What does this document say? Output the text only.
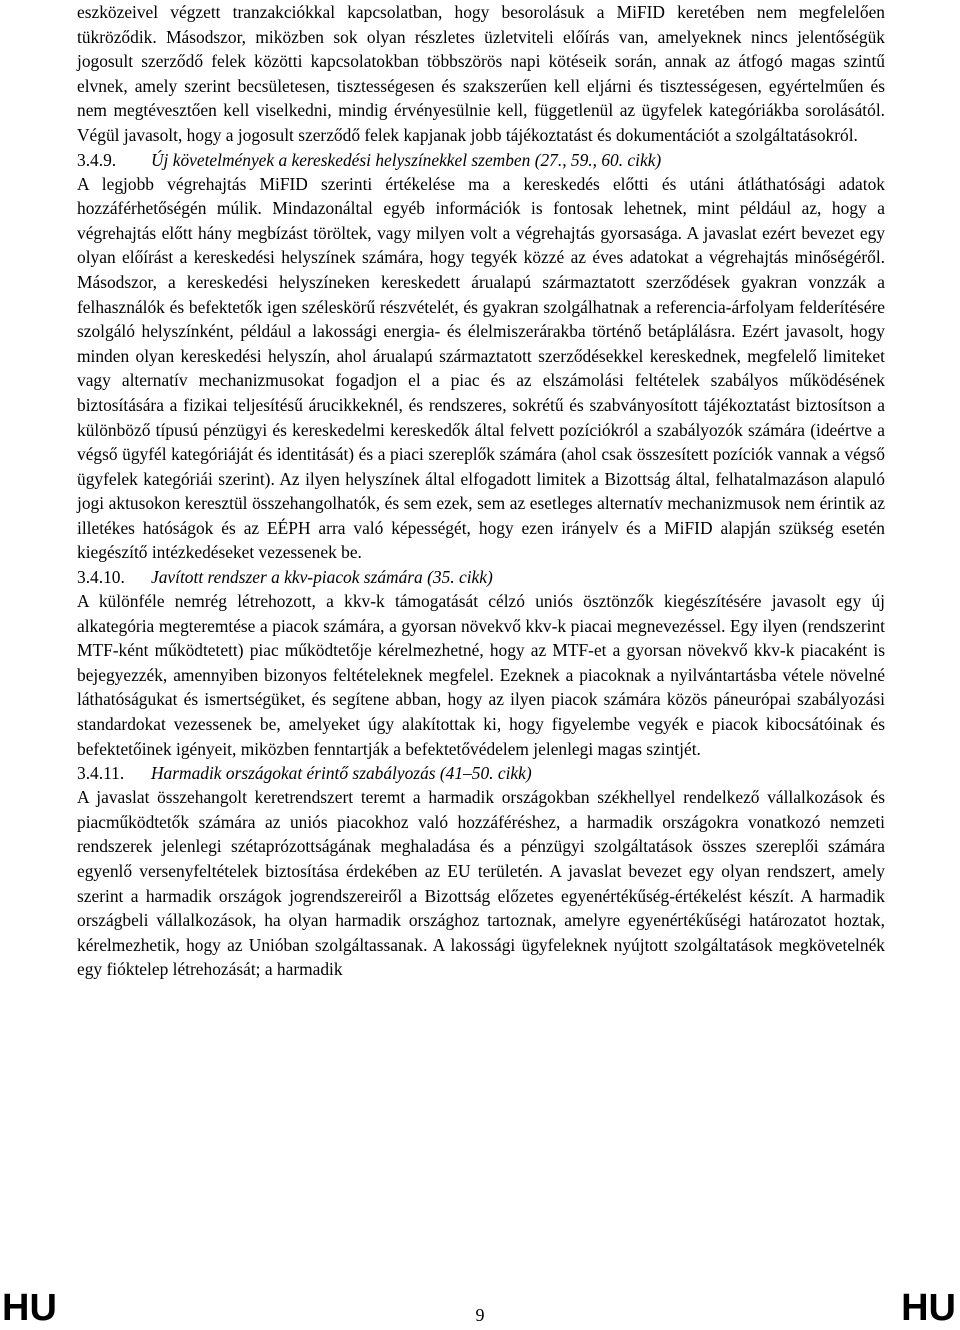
eszközeivel végzett tranzakciókkal kapcsolatban, hogy besorolásuk a MiFID keretében nem megfelelően tükröződik. Másodszor, miközben sok olyan részletes üzletviteli előírás van, amelyeknek nincs jelentőségük jogosult szerződő felek közötti kapcsolatokban többszörös napi kötéseik során, annak az átfogó magas szintű elvnek, amely szerint becsületesen, tisztességesen és szakszerűen kell eljárni és tisztességesen, egyértelműen és nem megtévesztően kell viselkedni, mindig érvényesülnie kell, függetlenül az ügyfelek kategóriákba sorolásától. Végül javasolt, hogy a jogosult szerződő felek kapjanak jobb tájékoztatást és dokumentációt a szolgáltatásokról.

3.4.9.	Új követelmények a kereskedési helyszínekkel szemben (27., 59., 60. cikk)

A legjobb végrehajtás MiFID szerinti értékelése ma a kereskedés előtti és utáni átláthatósági adatok hozzáférhetőségén múlik. Mindazonáltal egyéb információk is fontosak lehetnek, mint például az, hogy a végrehajtás előtt hány megbízást töröltek, vagy milyen volt a végrehajtás gyorsasága. A javaslat ezért bevezet egy olyan előírást a kereskedési helyszínek számára, hogy tegyék közzé az éves adatokat a végrehajtás minőségéről. Másodszor, a kereskedési helyszíneken kereskedett árualapú származtatott szerződések gyakran vonzzák a felhasználók és befektetők igen széleskörű részvételét, és gyakran szolgálhatnak a referencia-árfolyam felderítésére szolgáló helyszínként, például a lakossági energia- és élelmiszerárakba történő betáplálásra. Ezért javasolt, hogy minden olyan kereskedési helyszín, ahol árualapú származtatott szerződésekkel kereskednek, megfelelő limiteket vagy alternatív mechanizmusokat fogadjon el a piac és az elszámolási feltételek szabályos működésének biztosítására a fizikai teljesítésű árucikkeknél, és rendszeres, sokrétű és szabványosított tájékoztatást biztosítson a különböző típusú pénzügyi és kereskedelmi kereskedők által felvett pozíciókról a szabályozók számára (ideértve a végső ügyfél kategóriáját és identitását) és a piaci szereplők számára (ahol csak összesített pozíciók vannak a végső ügyfelek kategóriái szerint). Az ilyen helyszínek által elfogadott limitek a Bizottság által, felhatalmazáson alapuló jogi aktusokon keresztül összehangolhatók, és sem ezek, sem az esetleges alternatív mechanizmusok nem érintik az illetékes hatóságok és az EÉPH arra való képességét, hogy ezen irányelv és a MiFID alapján szükség esetén kiegészítő intézkedéseket vezessenek be.

3.4.10.	Javított rendszer a kkv-piacok számára (35. cikk)

A különféle nemrég létrehozott, a kkv-k támogatását célzó uniós ösztönzők kiegészítésére javasolt egy új alkategória megteremtése a piacok számára, a gyorsan növekvő kkv-k piacai megnevezéssel. Egy ilyen (rendszerint MTF-ként működtetett) piac működtetője kérelmezhetné, hogy az MTF-et a gyorsan növekvő kkv-k piacaként is bejegyezzék, amennyiben bizonyos feltételeknek megfelel. Ezeknek a piacoknak a nyilvántartásba vétele növelné láthatóságukat és ismertségüket, és segítene abban, hogy az ilyen piacok számára közös páneurópai szabályozási standardokat vezessenek be, amelyeket úgy alakítottak ki, hogy figyelembe vegyék e piacok kibocsátóinak és befektetőinek igényeit, miközben fenntartják a befektetővédelem jelenlegi magas szintjét.

3.4.11.	Harmadik országokat érintő szabályozás (41–50. cikk)

A javaslat összehangolt keretrendszert teremt a harmadik országokban székhellyel rendelkező vállalkozások és piacműködtetők számára az uniós piacokhoz való hozzáféréshez, a harmadik országokra vonatkozó nemzeti rendszerek jelenlegi szétaprózottságának meghaladása és a pénzügyi szolgáltatások összes szereplői számára egyenlő versenyfeltételek biztosítása érdekében az EU területén. A javaslat bevezet egy olyan rendszert, amely szerint a harmadik országok jogrendszereiről a Bizottság előzetes egyenértékűség-értékelést készít. A harmadik országbeli vállalkozások, ha olyan harmadik országhoz tartoznak, amelyre egyenértékűségi határozatot hoztak, kérelmezhetik, hogy az Unióban szolgáltassanak. A lakossági ügyfeleknek nyújtott szolgáltatások megkövetelnék egy fióktelep létrehozását; a harmadik

HU	9	HU
